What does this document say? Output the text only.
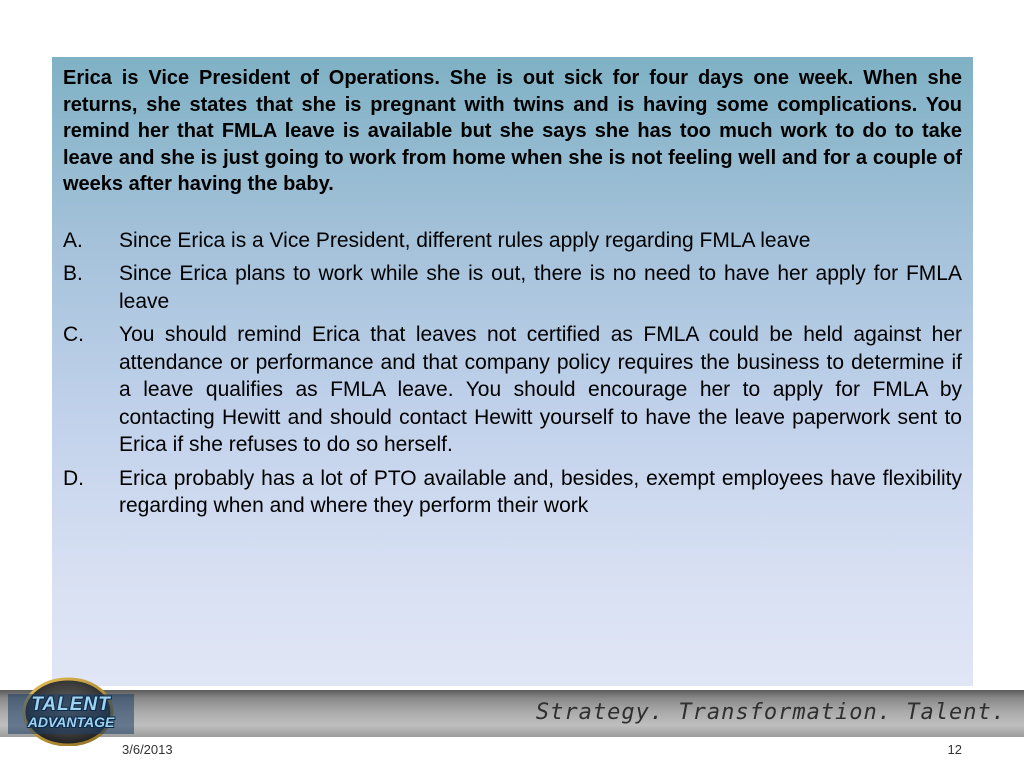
Erica is Vice President of Operations. She is out sick for four days one week. When she returns, she states that she is pregnant with twins and is having some complications. You remind her that FMLA leave is available but she says she has too much work to do to take leave and she is just going to work from home when she is not feeling well and for a couple of weeks after having the baby.

A.	Since Erica is a Vice President, different rules apply regarding FMLA leave
B.	Since Erica plans to work while she is out, there is no need to have her apply for FMLA leave
C.	You should remind Erica that leaves not certified as FMLA could be held against her attendance or performance and that company policy requires the business to determine if a leave qualifies as FMLA leave. You should encourage her to apply for FMLA by contacting Hewitt and should contact Hewitt yourself to have the leave paperwork sent to Erica if she refuses to do so herself.
D.	Erica probably has a lot of PTO available and, besides, exempt employees have flexibility regarding when and where they perform their work
Strategy. Transformation. Talent.
TALENT
ADVANTAGE
3/6/2013	12
